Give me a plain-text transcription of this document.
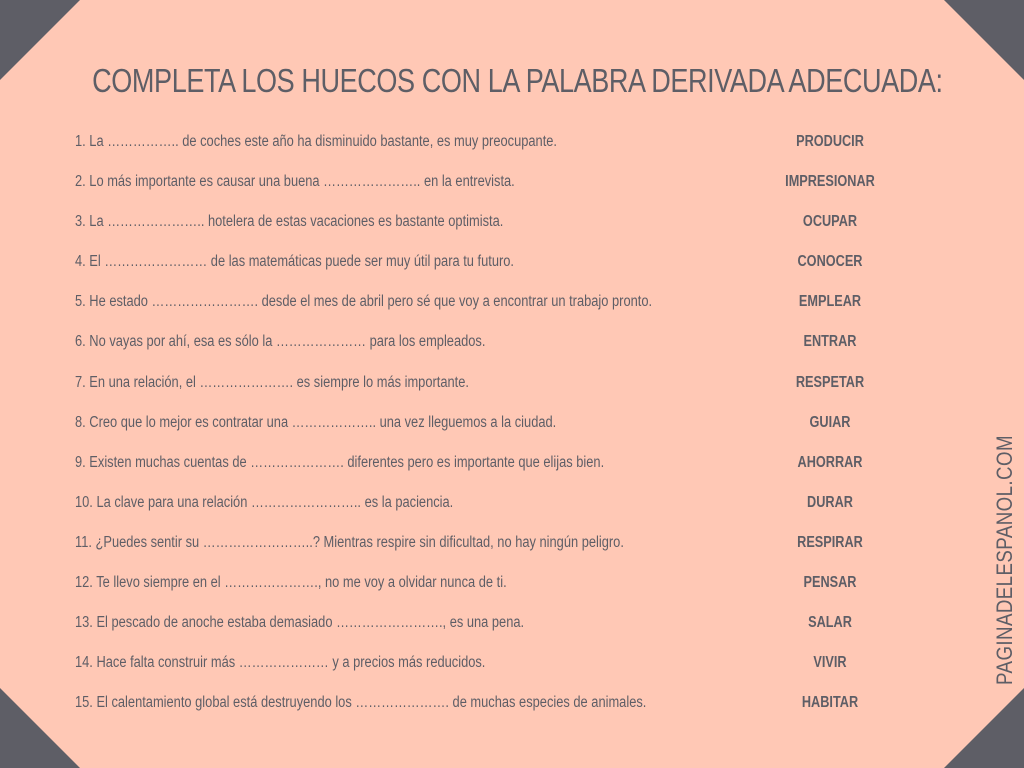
COMPLETA LOS HUECOS CON LA PALABRA DERIVADA ADECUADA:
1. La …………….. de coches este año ha disminuido bastante, es muy preocupante.	PRODUCIR
2. Lo más importante es causar una buena ………………….. en la entrevista.	IMPRESIONAR
3. La ………………….. hotelera de estas vacaciones es bastante optimista.	OCUPAR
4. El …………………… de las matemáticas puede ser muy útil para tu futuro.	CONOCER
5. He estado ……………………. desde el mes de abril pero sé que voy a encontrar un trabajo pronto.	EMPLEAR
6. No vayas por ahí, esa es sólo la ………………… para los empleados.	ENTRAR
7. En una relación, el …………………. es siempre lo más importante.	RESPETAR
8. Creo que lo mejor es contratar una ……………….. una vez lleguemos a la ciudad.	GUIAR
9. Existen muchas cuentas de …………………. diferentes pero es importante que elijas bien.	AHORRAR
10. La clave para una relación …………………….. es la paciencia.	DURAR
11. ¿Puedes sentir su ……………………..? Mientras respire sin dificultad, no hay ningún peligro.	RESPIRAR
12. Te llevo siempre en el …………………., no me voy a olvidar nunca de ti.	PENSAR
13. El pescado de anoche estaba demasiado ……………………., es una pena.	SALAR
14. Hace falta construir más ………………… y a precios más reducidos.	VIVIR
15. El calentamiento global está destruyendo los …………………. de muchas especies de animales.	HABITAR
PAGINADELESPANOL.COM
